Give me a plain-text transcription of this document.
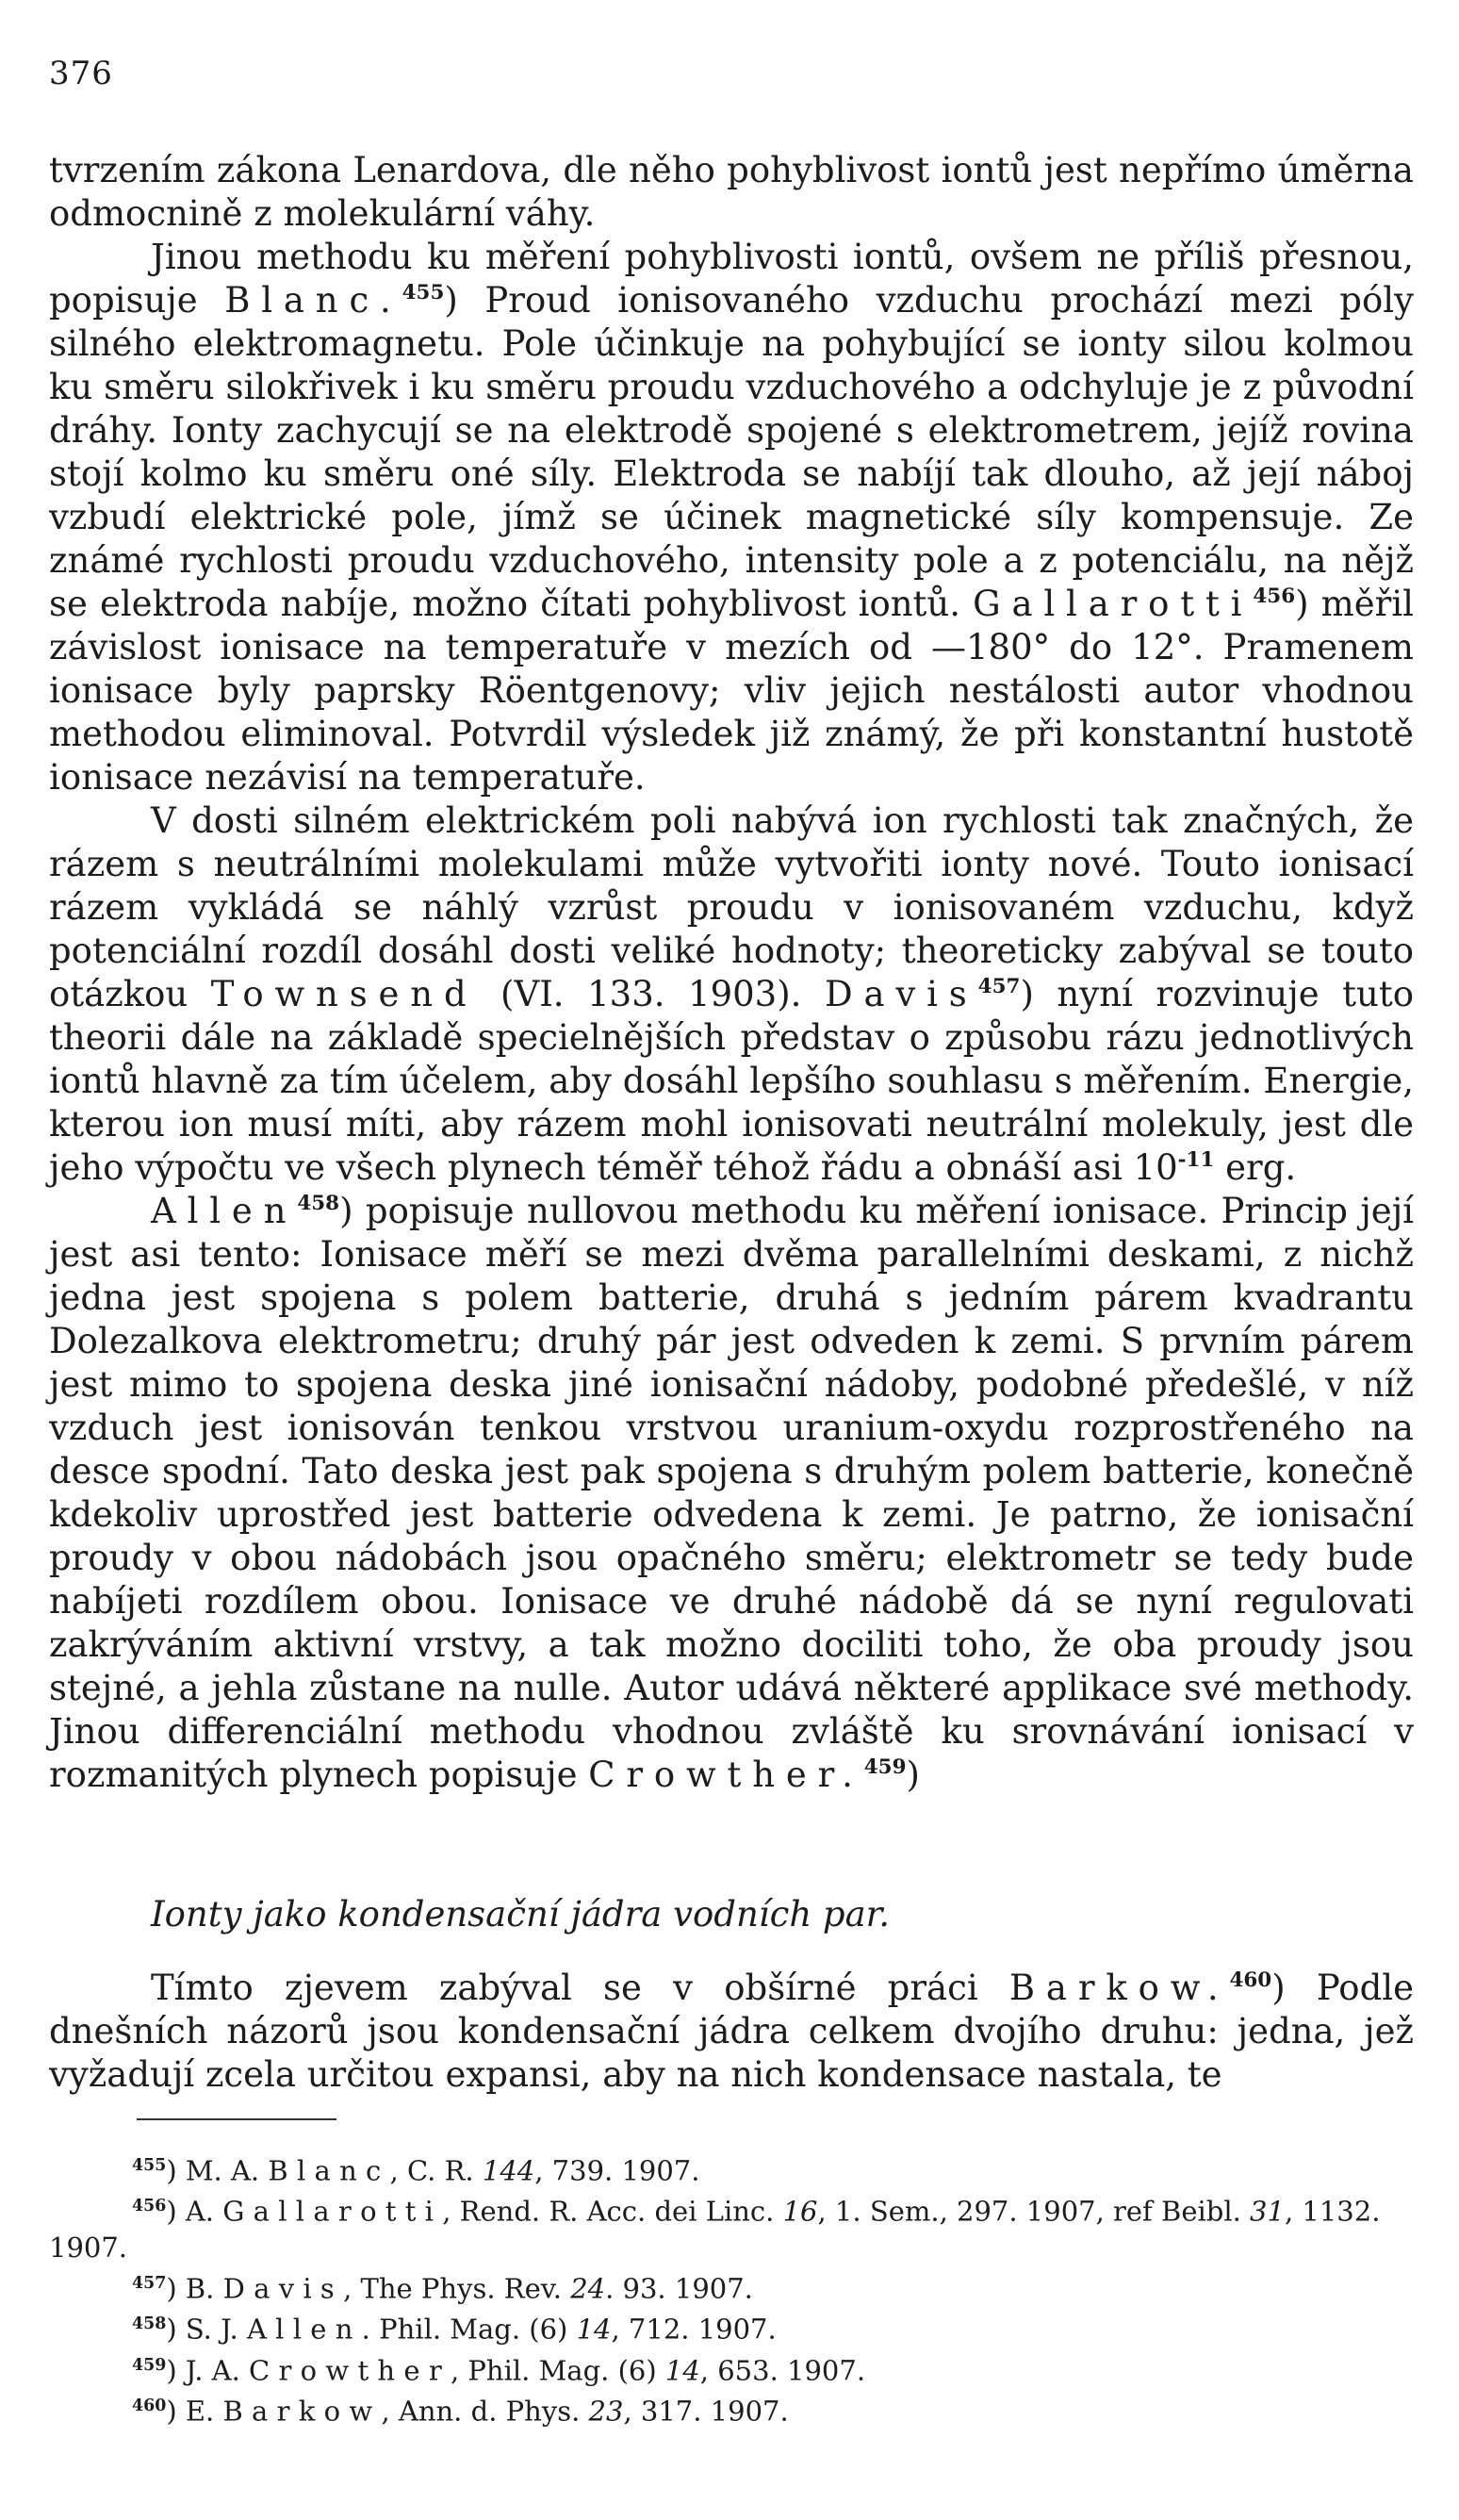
376

tvrzením zákona Lenardova, dle něho pohyblivost iontů jest nepřímo úměrna odmocnině z molekulární váhy.

Jinou methodu ku měření pohyblivosti iontů, ovšem ne příliš přesnou, popisuje Blanc.$^{455}$) Proud ionisovaného vzduchu prochází mezi póly silného elektromagnetu. Pole účinkuje na pohybující se ionty silou kolmou ku směru silokřivek i ku směru proudu vzduchového a odchyluje je z původní dráhy. Ionty zachycují se na elektrodě spojené s elektrometrem, jejíž rovina stojí kolmo ku směru oné síly. Elektroda se nabíjí tak dlouho, až její náboj vzbudí elektrické pole, jímž se účinek magnetické síly kompensuje. Ze známé rychlosti proudu vzduchového, intensity pole a z potenciálu, na nějž se elektroda nabíje, možno čítati pohyblivost iontů. Gallarotti$^{456}$) měřil závislost ionisace na temperatuře v mezích od —180° do 12°. Pramenem ionisace byly paprsky Röentgenovy; vliv jejich nestálosti autor vhodnou methodou eliminoval. Potvrdil výsledek již známý, že při konstantní hustotě ionisace nezávisí na temperatuře.

V dosti silném elektrickém poli nabývá ion rychlosti tak značných, že rázem s neutrálními molekulami může vytvořiti ionty nové. Touto ionisací rázem vykládá se náhlý vzrůst proudu v ionisovaném vzduchu, když potenciální rozdíl dosáhl dosti veliké hodnoty; theoreticky zabýval se touto otázkou Townsend (VI. 133. 1903). Davis$^{457}$) nyní rozvinuje tuto theorii dále na základě specielnějších představ o způsobu rázu jednotlivých iontů hlavně za tím účelem, aby dosáhl lepšího souhlasu s měřením. Energie, kterou ion musí míti, aby rázem mohl ionisovati neutrální molekuly, jest dle jeho výpočtu ve všech plynech téměř téhož řádu a obnáší asi $10^{-11}$ erg.

Allen$^{458}$) popisuje nullovou methodu ku měření ionisace. Princip její jest asi tento: Ionisace měří se mezi dvěma parallelními deskami, z nichž jedna jest spojena s polem batterie, druhá s jedním párem kvadrantu Dolezalkova elektrometru; druhý pár jest odveden k zemi. S prvním párem jest mimo to spojena deska jiné ionisační nádoby, podobné předešlé, v níž vzduch jest ionisován tenkou vrstvou uranium-oxydu rozprostřeného na desce spodní. Tato deska jest pak spojena s druhým polem batterie, konečně kdekoliv uprostřed jest batterie odvedena k zemi. Je patrno, že ionisační proudy v obou nádobách jsou opačného směru; elektrometr se tedy bude nabíjeti rozdílem obou. Ionisace ve druhé nádobě dá se nyní regulovati zakrýváním aktivní vrstvy, a tak možno dociliti toho, že oba proudy jsou stejné, a jehla zůstane na nulle. Autor udává některé applikace své methody. Jinou differenciální methodu vhodnou zvláště ku srovnávání ionisací v rozmanitých plynech popisuje Crowther.$^{459}$)

Ionty jako kondensační jádra vodních par.

Tímto zjevem zabýval se v obšírné práci Barkow.$^{460}$) Podle dnešních názorů jsou kondensační jádra celkem dvojího druhu: jedna, jež vyžadují zcela určitou expansi, aby na nich kondensace nastala, te

$^{455}$) M. A. Blanc, C. R. 144, 739. 1907.

$^{456}$) A. Gallarotti, Rend. R. Acc. dei Linc. 16, 1. Sem., 297. 1907, ref Beibl. 31, 1132. 1907.

$^{457}$) B. Davis, The Phys. Rev. 24. 93. 1907.

$^{458}$) S. J. Allen. Phil. Mag. (6) 14, 712. 1907.

$^{459}$) J. A. Crowther, Phil. Mag. (6) 14, 653. 1907.

$^{460}$) E. Barkow, Ann. d. Phys. 23, 317. 1907.
